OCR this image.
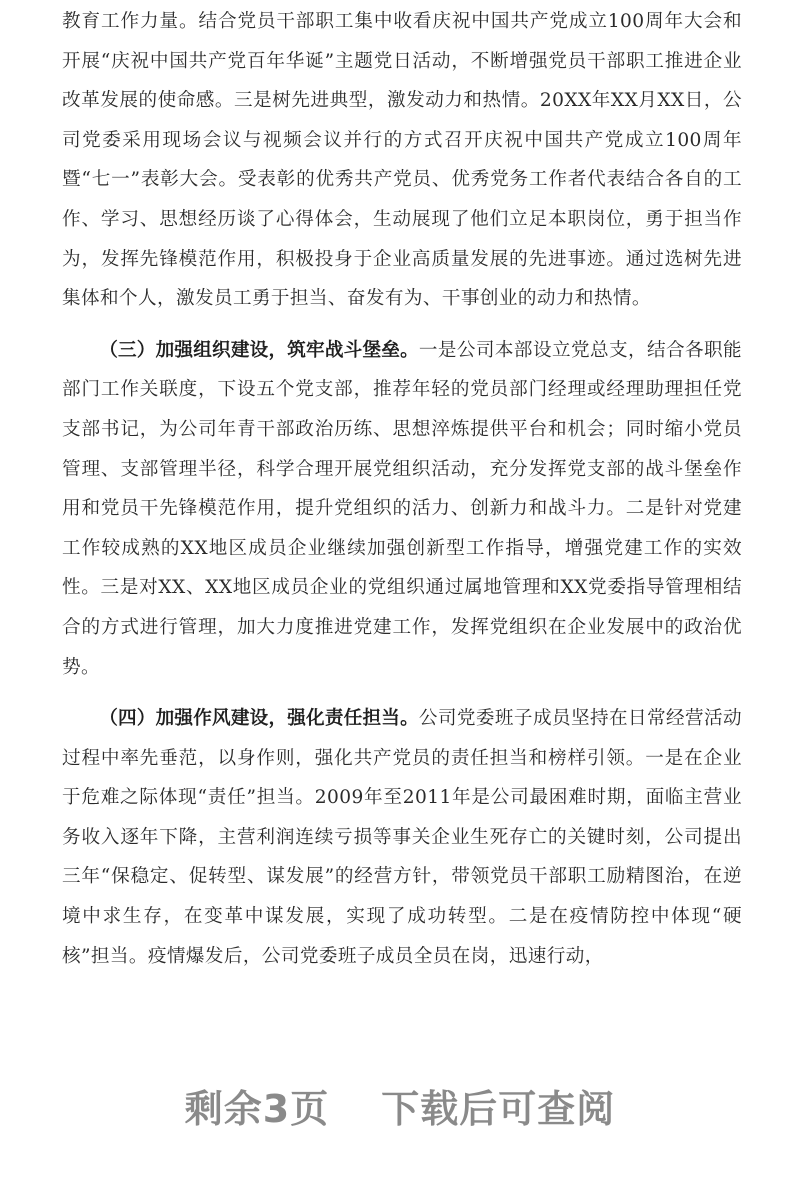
教育工作力量。结合党员干部职工集中收看庆祝中国共产党成立100周年大会和开展“庆祝中国共产党百年华诞”主题党日活动，不断增强党员干部职工推进企业改革发展的使命感。三是树先进典型，激发动力和热情。20XX年XX月XX日，公司党委采用现场会议与视频会议并行的方式召开庆祝中国共产党成立100周年暨“七一”表彰大会。受表彰的优秀共产党员、优秀党务工作者代表结合各自的工作、学习、思想经历谈了心得体会，生动展现了他们立足本职岗位，勇于担当作为，发挥先锋模范作用，积极投身于企业高质量发展的先进事迹。通过选树先进集体和个人，激发员工勇于担当、奋发有为、干事创业的动力和热情。

（三）加强组织建设，筑牢战斗堡垒。一是公司本部设立党总支，结合各职能部门工作关联度，下设五个党支部，推荐年轻的党员部门经理或经理助理担任党支部书记，为公司年青干部政治历练、思想淬炼提供平台和机会；同时缩小党员管理、支部管理半径，科学合理开展党组织活动，充分发挥党支部的战斗堡垒作用和党员干先锋模范作用，提升党组织的活力、创新力和战斗力。二是针对党建工作较成熟的XX地区成员企业继续加强创新型工作指导，增强党建工作的实效性。三是对XX、XX地区成员企业的党组织通过属地管理和XX党委指导管理相结合的方式进行管理，加大力度推进党建工作，发挥党组织在企业发展中的政治优势。

（四）加强作风建设，强化责任担当。公司党委班子成员坚持在日常经营活动过程中率先垂范，以身作则，强化共产党员的责任担当和榜样引领。一是在企业于危难之际体现“责任”担当。2009年至2011年是公司最困难时期，面临主营业务收入逐年下降，主营利润连续亏损等事关企业生死存亡的关键时刻，公司提出三年“保稳定、促转型、谋发展”的经营方针，带领党员干部职工励精图治，在逆境中求生存，在变革中谋发展，实现了成功转型。二是在疫情防控中体现“硬核”担当。疫情爆发后，公司党委班子成员全员在岗，迅速行动，

剩余3页 下载后可查阅
